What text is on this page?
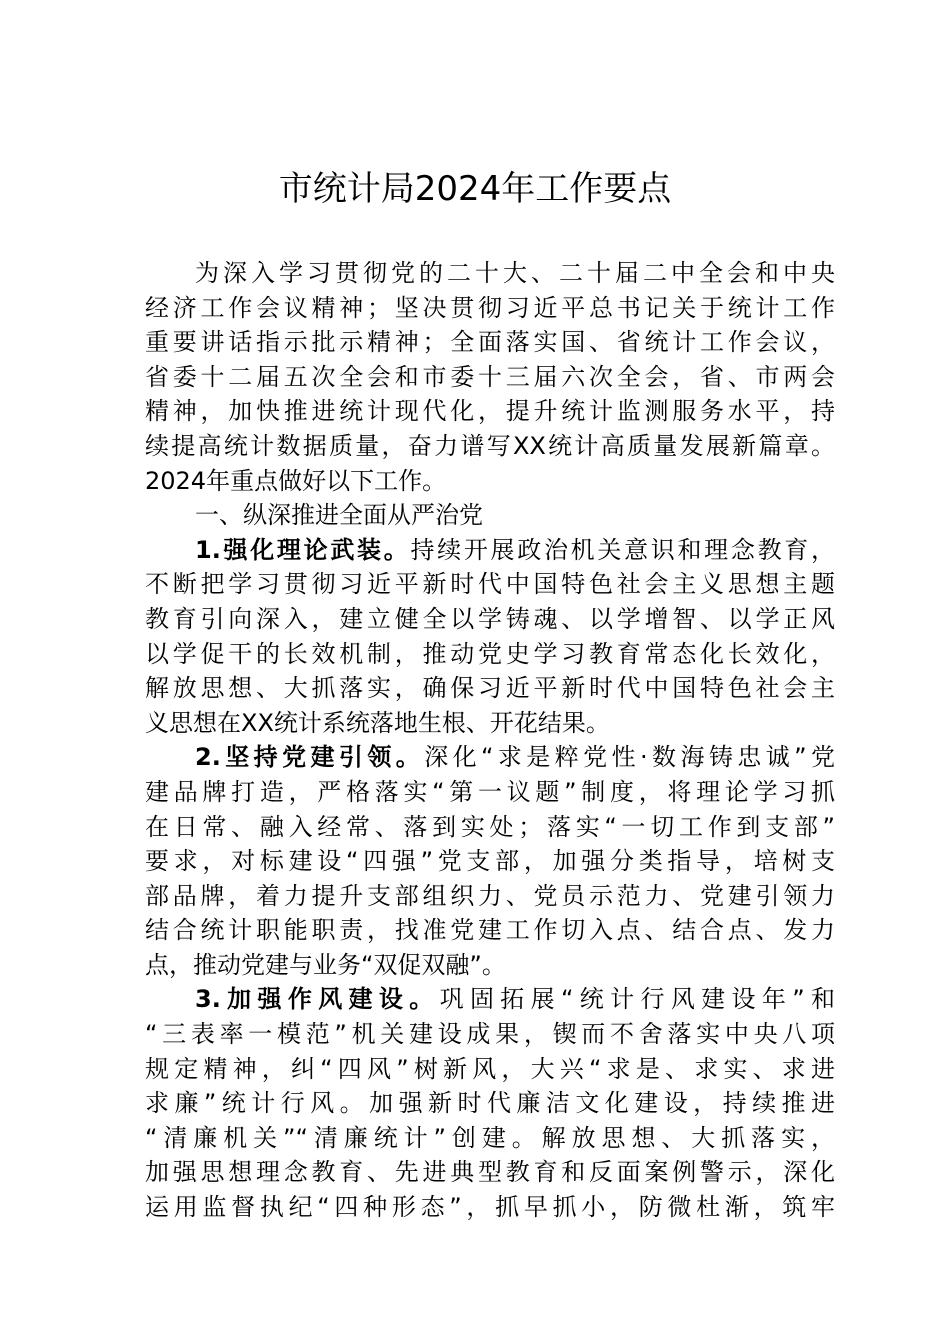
市统计局2024年工作要点
为深入学习贯彻党的二十大、二十届二中全会和中央
经济工作会议精神；坚决贯彻习近平总书记关于统计工作
重要讲话指示批示精神；全面落实国、省统计工作会议，
省委十二届五次全会和市委十三届六次全会，省、市两会
精神，加快推进统计现代化，提升统计监测服务水平，持
续提高统计数据质量，奋力谱写XX统计高质量发展新篇章。
2024年重点做好以下工作。
一、纵深推进全面从严治党
1.强化理论武装。持续开展政治机关意识和理念教育，
不断把学习贯彻习近平新时代中国特色社会主义思想主题
教育引向深入，建立健全以学铸魂、以学增智、以学正风
以学促干的长效机制，推动党史学习教育常态化长效化，
解放思想、大抓落实，确保习近平新时代中国特色社会主
义思想在XX统计系统落地生根、开花结果。
2.坚持党建引领。深化“求是粹党性·数海铸忠诚”党
建品牌打造，严格落实“第一议题”制度，将理论学习抓
在日常、融入经常、落到实处；落实“一切工作到支部”
要求，对标建设“四强”党支部，加强分类指导，培树支
部品牌，着力提升支部组织力、党员示范力、党建引领力
结合统计职能职责，找准党建工作切入点、结合点、发力
点，推动党建与业务“双促双融”。
3.加强作风建设。巩固拓展“统计行风建设年”和
“三表率一模范”机关建设成果，锲而不舍落实中央八项
规定精神，纠“四风”树新风，大兴“求是、求实、求进
求廉”统计行风。加强新时代廉洁文化建设，持续推进
“清廉机关”“清廉统计”创建。解放思想、大抓落实，
加强思想理念教育、先进典型教育和反面案例警示，深化
运用监督执纪“四种形态”，抓早抓小，防微杜渐，筑牢
